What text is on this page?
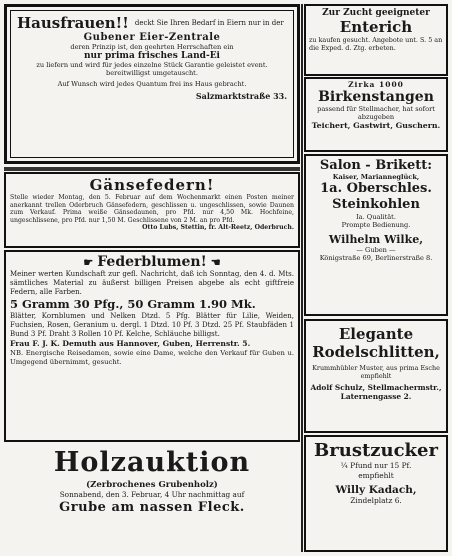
Hausfrauen!! deckt Sie Ihren Bedarf in Eiern nur in der
Gubener Eier-Zentrale
deren Prinzip ist, den geehrten Herrschaften ein
nur prima frisches Land-Ei
zu liefern und wird für jedes einzelne Stück Garantie geleistet event. bereitwilligst umgetauscht.
Auf Wunsch wird jedes Quantum frei ins Haus gebracht.
Salzmarktstraße 33.
Gänsefedern!
Stelle wieder Montag, den 5. Februar auf dem Wochenmarkt einen Posten meiner anerkannt trellen Oderbruch Gänsefedern, geschlissen u. ungeschlissen, sowie Daunen zum Verkauf. Prima weiße Gänsedaunen, pro Pfd. nur 4,50 Mk. Hochfeine, ungeschlissene, pro Pfd. nur 1,50 M. Geschlissene von 2 M. an pro Pfd.
Otto Lubs, Stettin, fr. Alt-Reetz, Oderbruch.
☛ Federblumen! ☚
Meiner werten Kundschaft zur gefl. Nachricht, daß ich Sonntag, den 4. d. Mts. sämtliches Material zu äußerst billigen Preisen abgebe als echt giftfreie Federn, alle Farben.
5 Gramm 30 Pfg., 50 Gramm 1.90 Mk.
Blätter, Kornblumen und Nelken Dtzd. 5 Pfg. Blätter für Lilie, Weiden, Fuchsien, Rosen, Geranium u. dergl. 1 Dtzd. 10 Pf. 3 Dtzd. 25 Pf. Staubfäden 1 Bund 3 Pf. Draht 3 Rollen 10 Pf. Kelche, Schläuche billigst.
Frau F. J. K. Demuth aus Hannover, Guben, Herrenstr. 5.
NB. Energische Reisedamen, sowie eine Dame, welche den Verkauf für Guben u. Umgegend übernimmt, gesucht.
Holzauktion
(Zerbrochenes Grubenholz)
Sonnabend, den 3. Februar, 4 Uhr nachmittag auf
Grube am nassen Fleck.
Zur Zucht geeigneter
Enterich
zu kaufen gesucht. Angebote unt. S. 5 an die Exped. d. Ztg. erbeten.
Zirka 1000
Birkenstangen
passend für Stellmacher, hat sofort abzugeben
Teichert, Gastwirt, Guschern.
Salon - Brikett:
Kaiser, Marianneglück,
1a. Oberschles. Steinkohlen
Ia. Qualität.
Prompte Bedienung.
Wilhelm Wilke,
— Guben —
Königstraße 69, Berlinerstraße 8.
Elegante Rodelschlitten,
Krummhübler Muster, aus prima Esche empfiehlt
Adolf Schulz, Stellmachermstr., Laternengasse 2.
Brustzucker
¼ Pfund nur 15 Pf.
empfiehlt
Willy Kadach,
Zindelplatz 6.
